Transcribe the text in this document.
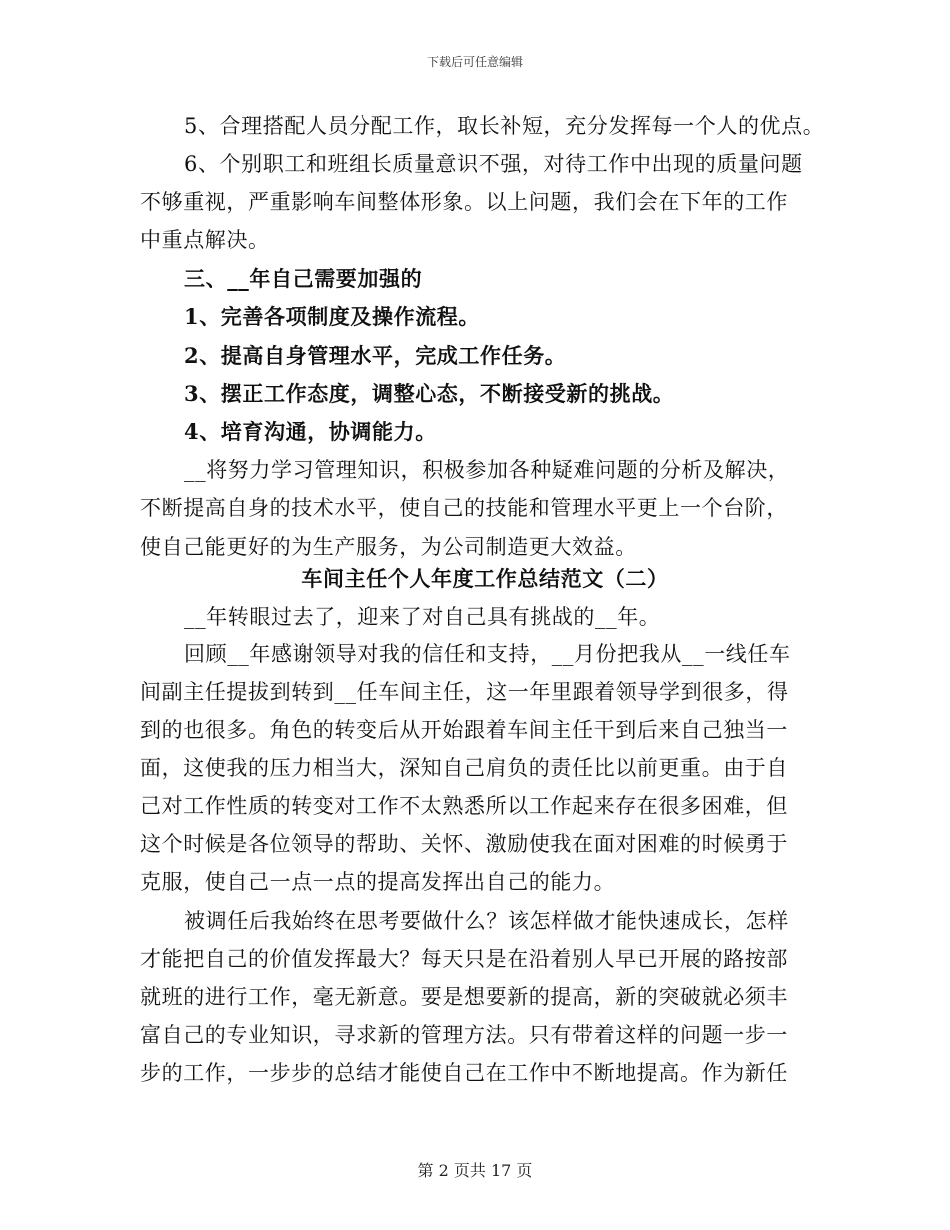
下载后可任意编辑
5、合理搭配人员分配工作，取长补短，充分发挥每一个人的优点。
6、个别职工和班组长质量意识不强，对待工作中出现的质量问题
不够重视，严重影响车间整体形象。以上问题，我们会在下年的工作
中重点解决。
三、__年自己需要加强的
1、完善各项制度及操作流程。
2、提高自身管理水平，完成工作任务。
3、摆正工作态度，调整心态，不断接受新的挑战。
4、培育沟通，协调能力。
__将努力学习管理知识，积极参加各种疑难问题的分析及解决，
不断提高自身的技术水平，使自己的技能和管理水平更上一个台阶，
使自己能更好的为生产服务，为公司制造更大效益。
车间主任个人年度工作总结范文（二）
__年转眼过去了，迎来了对自己具有挑战的__年。
回顾__年感谢领导对我的信任和支持，__月份把我从__一线任车
间副主任提拔到转到__任车间主任，这一年里跟着领导学到很多，得
到的也很多。角色的转变后从开始跟着车间主任干到后来自己独当一
面，这使我的压力相当大，深知自己肩负的责任比以前更重。由于自
己对工作性质的转变对工作不太熟悉所以工作起来存在很多困难，但
这个时候是各位领导的帮助、关怀、激励使我在面对困难的时候勇于
克服，使自己一点一点的提高发挥出自己的能力。
被调任后我始终在思考要做什么？该怎样做才能快速成长，怎样
才能把自己的价值发挥最大？每天只是在沿着别人早已开展的路按部
就班的进行工作，毫无新意。要是想要新的提高，新的突破就必须丰
富自己的专业知识，寻求新的管理方法。只有带着这样的问题一步一
步的工作，一步步的总结才能使自己在工作中不断地提高。作为新任
第 2 页共 17 页
